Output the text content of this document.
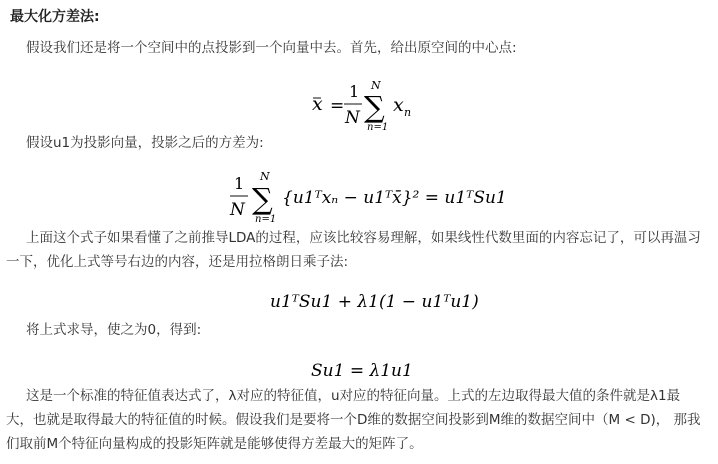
最大化方差法:
假设我们还是将一个空间中的点投影到一个向量中去。首先，给出原空间的中心点:
x =
1
N
N
∑
n=1
x n
假设u1为投影向量，投影之后的方差为:
1
N
N
∑
n=1
{u1ᵀxₙ − u1ᵀx̄}² = u1ᵀSu1
上面这个式子如果看懂了之前推导LDA的过程，应该比较容易理解，如果线性代数里面的内容忘记了，可以再温习一下，优化上式等号右边的内容，还是用拉格朗日乘子法:
u1ᵀSu1 + λ1(1 − u1ᵀu1)
将上式求导，使之为0，得到:
Su1 = λ1u1
这是一个标准的特征值表达式了，λ对应的特征值，u对应的特征向量。上式的左边取得最大值的条件就是λ1最大，也就是取得最大的特征值的时候。假设我们是要将一个D维的数据空间投影到M维的数据空间中（M < D)， 那我们取前M个特征向量构成的投影矩阵就是能够使得方差最大的矩阵了。
